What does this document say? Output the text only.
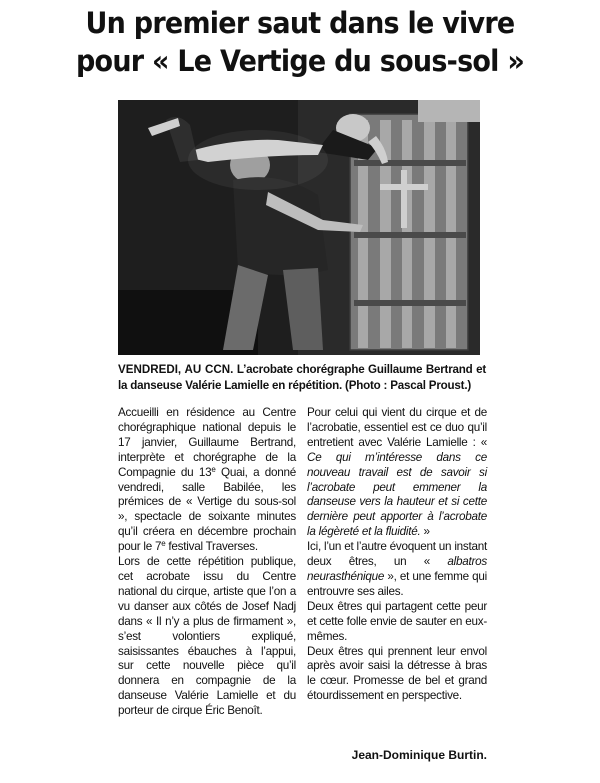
Un premier saut dans le vivre
pour « Le Vertige du sous-sol »

VENDREDI, AU CCN. L’acrobate chorégraphe Guillaume Bertrand et la danseuse Valérie Lamielle en répétition. (Photo : Pascal Proust.)

Accueilli en résidence au Centre chorégraphique national depuis le 17 janvier, Guillaume Bertrand, interprète et chorégraphe de la Compagnie du 13e Quai, a donné vendredi, salle Babilée, les prémices de « Vertige du sous-sol », spectacle de soixante minutes qu’il créera en décembre prochain pour le 7e festival Traverses.

Lors de cette répétition publique, cet acrobate issu du Centre national du cirque, artiste que l’on a vu danser aux côtés de Josef Nadj dans « Il n’y a plus de firmament », s’est volontiers expliqué, saisissantes ébauches à l’appui, sur cette nouvelle pièce qu’il donnera en compagnie de la danseuse Valérie Lamielle et du porteur de cirque Éric Benoît.

Pour celui qui vient du cirque et de l’acrobatie, essentiel est ce duo qu’il entretient avec Valérie Lamielle : « Ce qui m’intéresse dans ce nouveau travail est de savoir si l’acrobate peut emmener la danseuse vers la hauteur et si cette dernière peut apporter à l’acrobate la légèreté et la fluidité. »

Ici, l’un et l’autre évoquent un instant deux êtres, un « albatros neurasthénique », et une femme qui entrouvre ses ailes.

Deux êtres qui partagent cette peur et cette folle envie de sauter en eux-mêmes.

Deux êtres qui prennent leur envol après avoir saisi la détresse à bras le cœur. Promesse de bel et grand étourdissement en perspective.

Jean-Dominique Burtin.
